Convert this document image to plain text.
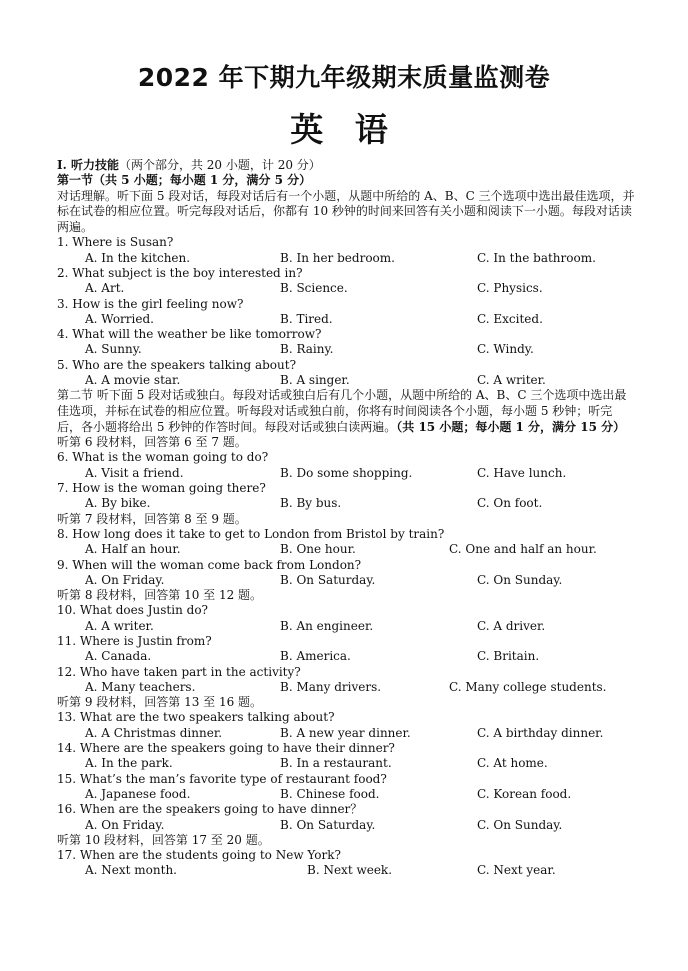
2022 年下期九年级期末质量监测卷
英 语
I. 听力技能（两个部分，共 20 小题，计 20 分）
第一节（共 5 小题；每小题 1 分，满分 5 分）
对话理解。听下面 5 段对话，每段对话后有一个小题，从题中所给的 A、B、C 三个选项中选出最佳选项，并标在试卷的相应位置。听完每段对话后，你都有 10 秒钟的时间来回答有关小题和阅读下一小题。每段对话读两遍。
1. Where is Susan?
A. In the kitchen.	B. In her bedroom.	C. In the bathroom.
2. What subject is the boy interested in?
A. Art.	B. Science.	C. Physics.
3. How is the girl feeling now?
A. Worried.	B. Tired.	C. Excited.
4. What will the weather be like tomorrow?
A. Sunny.	B. Rainy.	C. Windy.
5. Who are the speakers talking about?
A. A movie star.	B. A singer.	C. A writer.
第二节 听下面 5 段对话或独白。每段对话或独白后有几个小题，从题中所给的 A、B、C 三个选项中选出最佳选项，并标在试卷的相应位置。听每段对话或独白前，你将有时间阅读各个小题，每小题 5 秒钟；听完后，各小题将给出 5 秒钟的作答时间。每段对话或独白读两遍。（共 15 小题；每小题 1 分，满分 15 分）
听第 6 段材料，回答第 6 至 7 题。
6. What is the woman going to do?
A. Visit a friend.	B. Do some shopping.	C. Have lunch.
7. How is the woman going there?
A. By bike.	B. By bus.	C. On foot.
听第 7 段材料，回答第 8 至 9 题。
8. How long does it take to get to London from Bristol by train?
A. Half an hour.	B. One hour.	C. One and half an hour.
9. When will the woman come back from London?
A. On Friday.	B. On Saturday.	C. On Sunday.
听第 8 段材料，回答第 10 至 12 题。
10. What does Justin do?
A. A writer.	B. An engineer.	C. A driver.
11. Where is Justin from?
A. Canada.	B. America.	C. Britain.
12. Who have taken part in the activity?
A. Many teachers.	B. Many drivers.	C. Many college students.
听第 9 段材料，回答第 13 至 16 题。
13. What are the two speakers talking about?
A. A Christmas dinner.	B. A new year dinner.	C. A birthday dinner.
14. Where are the speakers going to have their dinner?
A. In the park.	B. In a restaurant.	C. At home.
15. What’s the man’s favorite type of restaurant food?
A. Japanese food.	B. Chinese food.	C. Korean food.
16. When are the speakers going to have dinner？
A. On Friday.	B. On Saturday.	C. On Sunday.
听第 10 段材料，回答第 17 至 20 题。
17. When are the students going to New York?
A. Next month.	B. Next week.	C. Next year.
